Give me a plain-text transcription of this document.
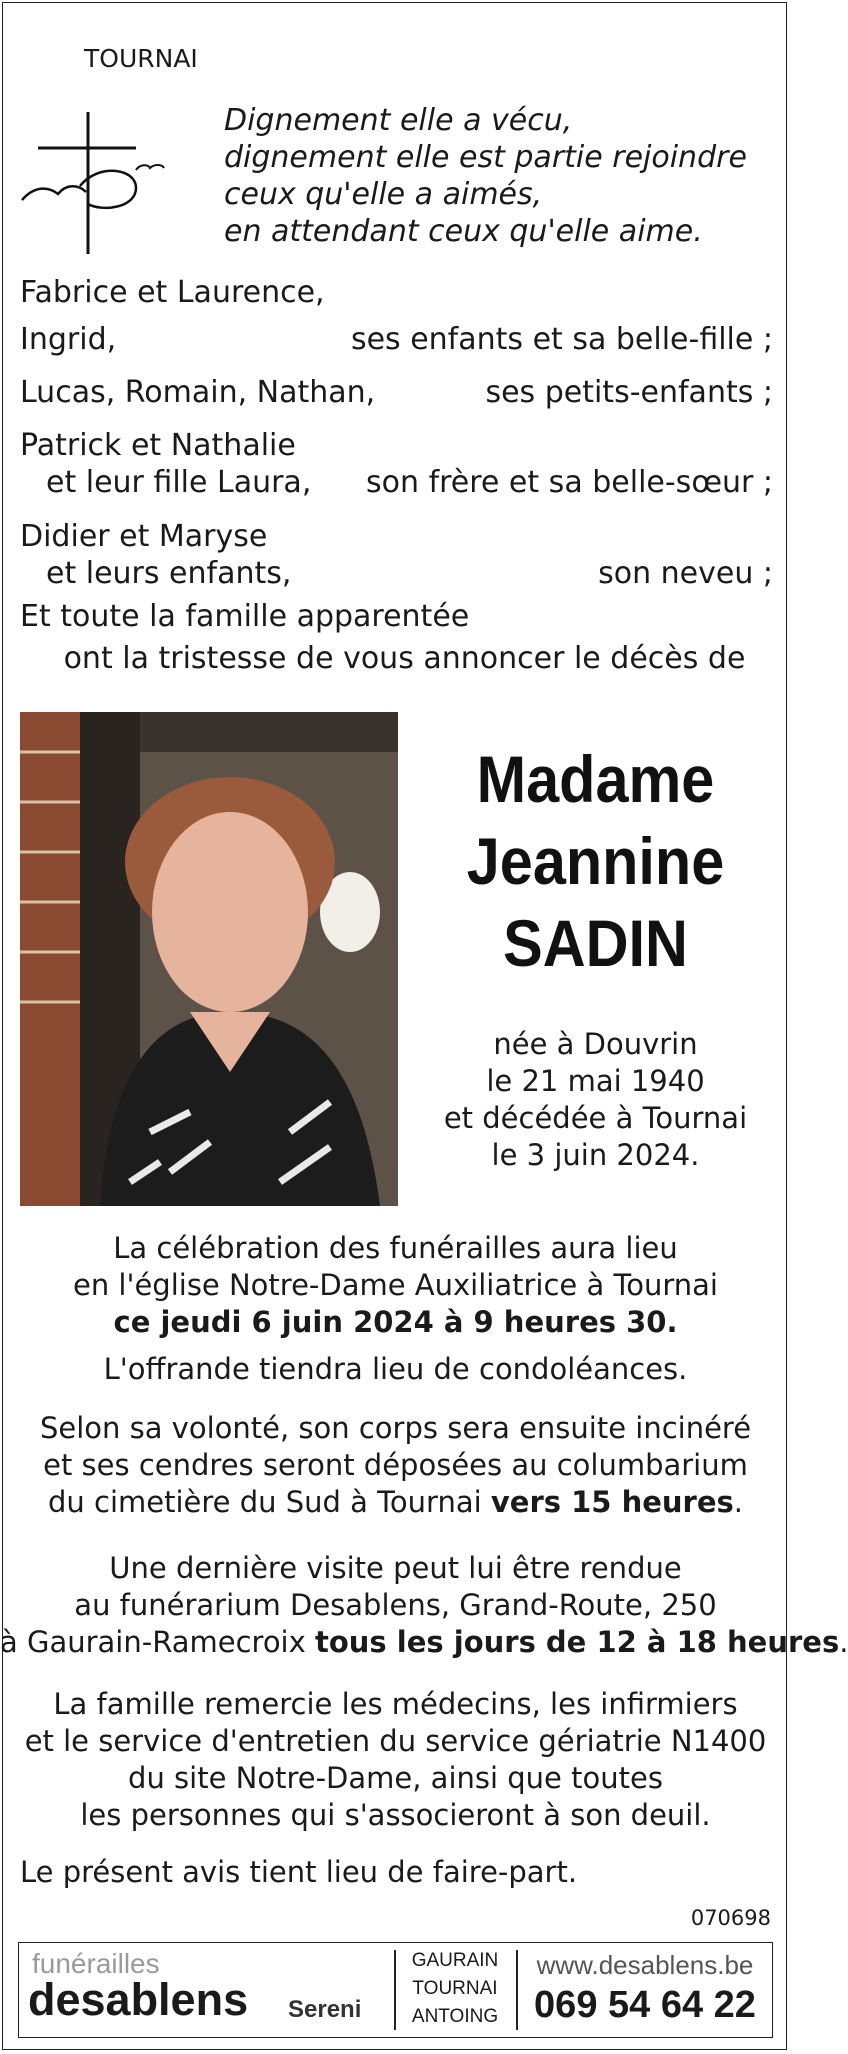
TOURNAI
Dignement elle a vécu,
dignement elle est partie rejoindre
ceux qu'elle a aimés,
en attendant ceux qu'elle aime.
Fabrice et Laurence,
Ingrid,	ses enfants et sa belle-fille ;
Lucas, Romain, Nathan,	ses petits-enfants ;
Patrick et Nathalie
et leur fille Laura, son frère et sa belle-sœur ;
Didier et Maryse
et leurs enfants,	son neveu ;
Et toute la famille apparentée
ont la tristesse de vous annoncer le décès de
Madame
Jeannine
SADIN
née à Douvrin
le 21 mai 1940
et décédée à Tournai
le 3 juin 2024.
La célébration des funérailles aura lieu
en l'église Notre-Dame Auxiliatrice à Tournai
ce jeudi 6 juin 2024 à 9 heures 30.
L'offrande tiendra lieu de condoléances.
Selon sa volonté, son corps sera ensuite incinéré
et ses cendres seront déposées au columbarium
du cimetière du Sud à Tournai vers 15 heures.
Une dernière visite peut lui être rendue
au funérarium Desablens, Grand-Route, 250
à Gaurain-Ramecroix tous les jours de 12 à 18 heures.
La famille remercie les médecins, les infirmiers
et le service d'entretien du service gériatrie N1400
du site Notre-Dame, ainsi que toutes
les personnes qui s'associeront à son deuil.
Le présent avis tient lieu de faire-part.
070698
funérailles
desablens Sereni
GAURAIN
TOURNAI
ANTOING
www.desablens.be
069 54 64 22
